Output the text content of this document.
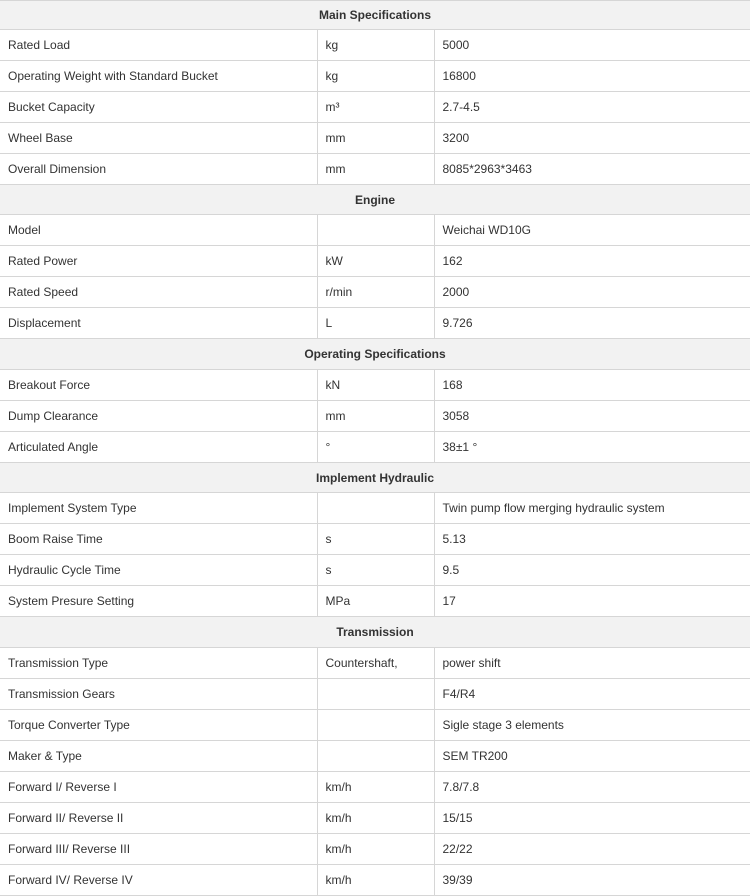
Main Specifications		
Rated Load	kg	5000
Operating Weight with Standard Bucket	kg	16800
Bucket Capacity	m³	2.7-4.5
Wheel Base	mm	3200
Overall Dimension	mm	8085*2963*3463
Engine		
Model		Weichai WD10G
Rated Power	kW	162
Rated Speed	r/min	2000
Displacement	L	9.726
Operating Specifications		
Breakout Force	kN	168
Dump Clearance	mm	3058
Articulated Angle	°	38±1 °
Implement Hydraulic		
Implement System Type		Twin pump flow merging hydraulic system
Boom Raise Time	s	5.13
Hydraulic Cycle Time	s	9.5
System Presure Setting	MPa	17
Transmission		
Transmission Type	Countershaft,	power shift
Transmission Gears		F4/R4
Torque Converter Type		Sigle stage 3 elements
Maker & Type		SEM TR200
Forward I/ Reverse I	km/h	7.8/7.8
Forward II/ Reverse II	km/h	15/15
Forward III/ Reverse III	km/h	22/22
Forward IV/ Reverse IV	km/h	39/39
